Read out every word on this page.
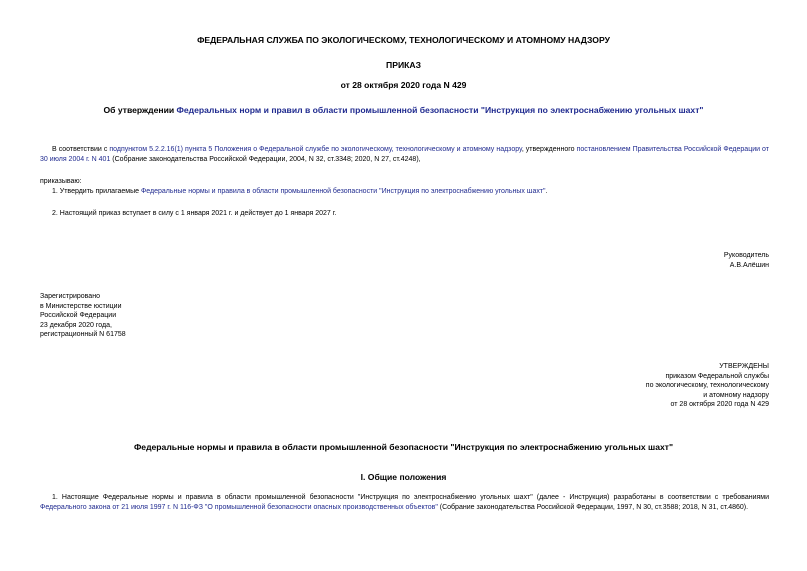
ФЕДЕРАЛЬНАЯ СЛУЖБА ПО ЭКОЛОГИЧЕСКОМУ, ТЕХНОЛОГИЧЕСКОМУ И АТОМНОМУ НАДЗОРУ
ПРИКАЗ
от 28 октября 2020 года N 429
Об утверждении Федеральных норм и правил в области промышленной безопасности "Инструкция по электроснабжению угольных шахт"
В соответствии с подпунктом 5.2.2.16(1) пункта 5 Положения о Федеральной службе по экологическому, технологическому и атомному надзору, утвержденного постановлением Правительства Российской Федерации от 30 июля 2004 г. N 401 (Собрание законодательства Российской Федерации, 2004, N 32, ст.3348; 2020, N 27, ст.4248),
приказываю:
1. Утвердить прилагаемые Федеральные нормы и правила в области промышленной безопасности "Инструкция по электроснабжению угольных шахт".
2. Настоящий приказ вступает в силу с 1 января 2021 г. и действует до 1 января 2027 г.
Руководитель
А.В.Алёшин
Зарегистрировано
в Министерстве юстиции
Российской Федерации
23 декабря 2020 года,
регистрационный N 61758
УТВЕРЖДЕНЫ
приказом Федеральной службы
по экологическому, технологическому
и атомному надзору
от 28 октября 2020 года N 429
Федеральные нормы и правила в области промышленной безопасности "Инструкция по электроснабжению угольных шахт"
I. Общие положения
1. Настоящие Федеральные нормы и правила в области промышленной безопасности "Инструкция по электроснабжению угольных шахт" (далее - Инструкция) разработаны в соответствии с требованиями Федерального закона от 21 июля 1997 г. N 116-ФЗ "О промышленной безопасности опасных производственных объектов" (Собрание законодательства Российской Федерации, 1997, N 30, ст.3588; 2018, N 31, ст.4860).
